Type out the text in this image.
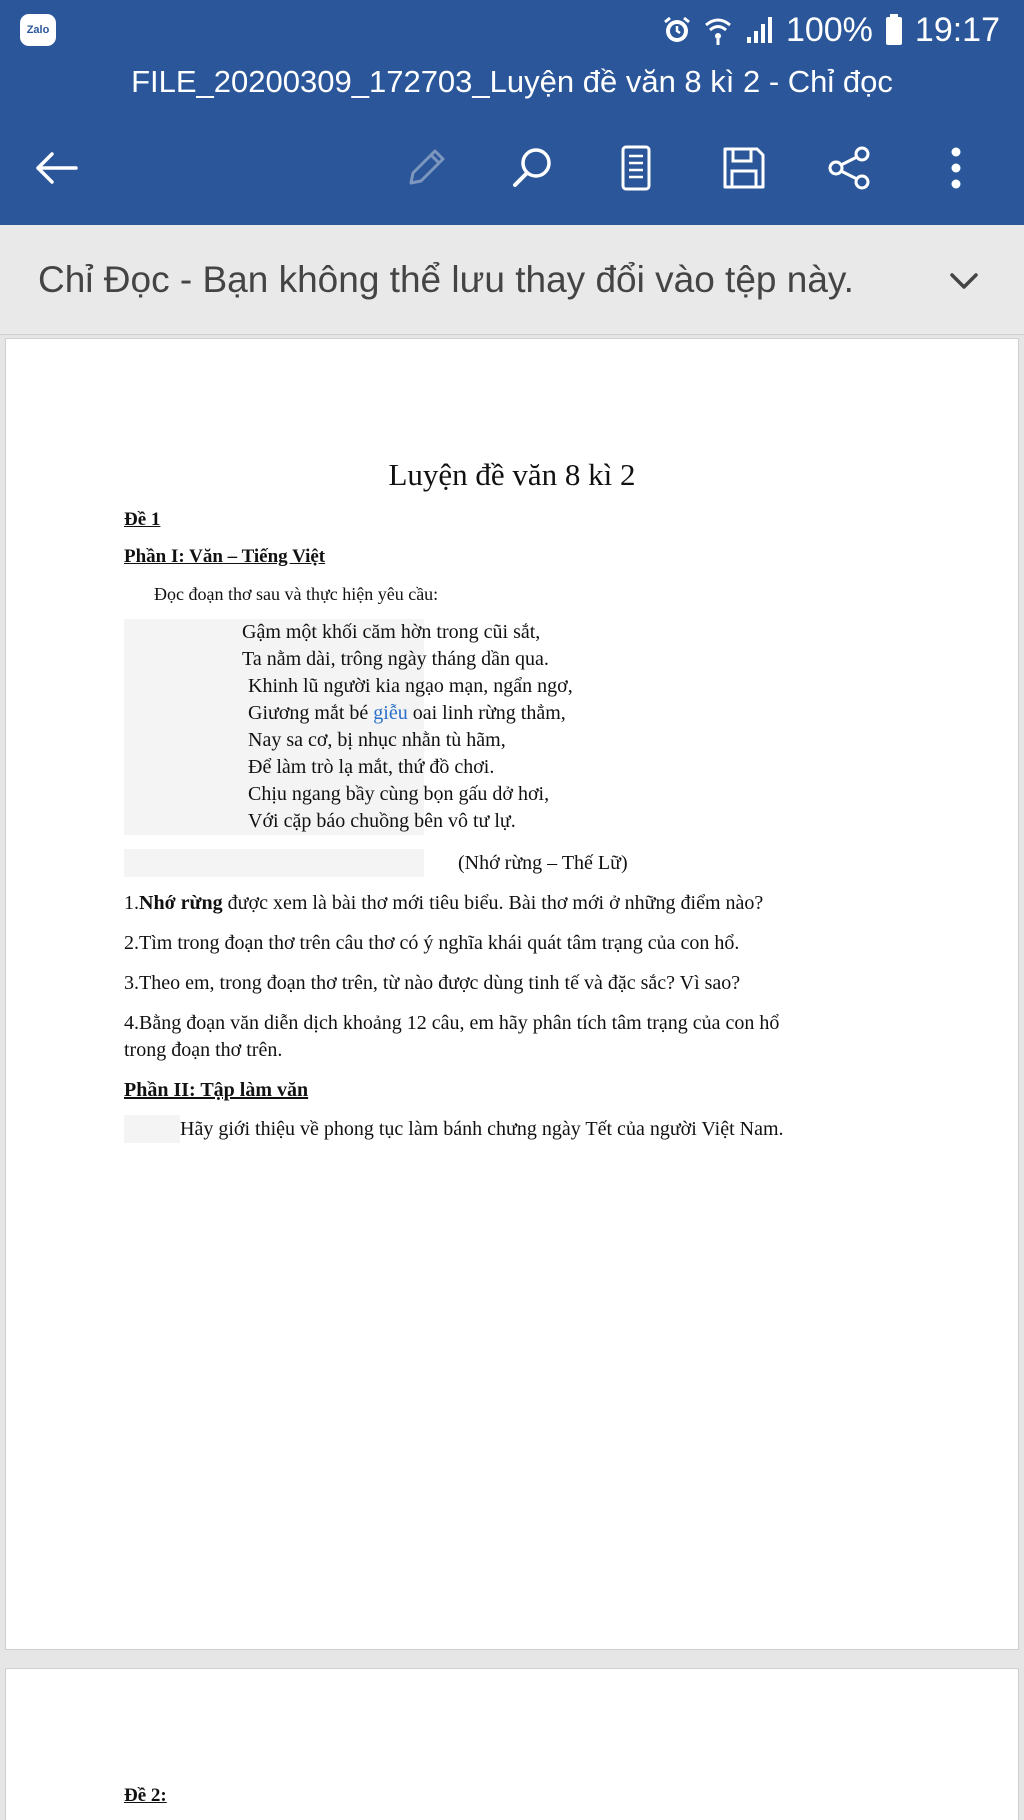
Zalo	100% 19:17
FILE_20200309_172703_Luyện đề văn 8 kì 2 - Chỉ đọc
Chỉ Đọc - Bạn không thể lưu thay đổi vào tệp này.
Luyện đề văn 8 kì 2
Đề 1
Phần I: Văn – Tiếng Việt
Đọc đoạn thơ sau và thực hiện yêu cầu:
Gậm một khối căm hờn trong cũi sắt,
Ta nằm dài, trông ngày tháng dần qua.
Khinh lũ người kia ngạo mạn, ngẩn ngơ,
Giương mắt bé giễu oai linh rừng thẳm,
Nay sa cơ, bị nhục nhằn tù hãm,
Để làm trò lạ mắt, thứ đồ chơi.
Chịu ngang bầy cùng bọn gấu dở hơi,
Với cặp báo chuồng bên vô tư lự.
(Nhớ rừng – Thế Lữ)
1.Nhớ rừng được xem là bài thơ mới tiêu biểu. Bài thơ mới ở những điểm nào?
2.Tìm trong đoạn thơ trên câu thơ có ý nghĩa khái quát tâm trạng của con hổ.
3.Theo em, trong đoạn thơ trên, từ nào được dùng tinh tế và đặc sắc? Vì sao?
4.Bằng đoạn văn diễn dịch khoảng 12 câu, em hãy phân tích tâm trạng của con hổ
trong đoạn thơ trên.
Phần II: Tập làm văn
Hãy giới thiệu về phong tục làm bánh chưng ngày Tết của người Việt Nam.
Đề 2:
